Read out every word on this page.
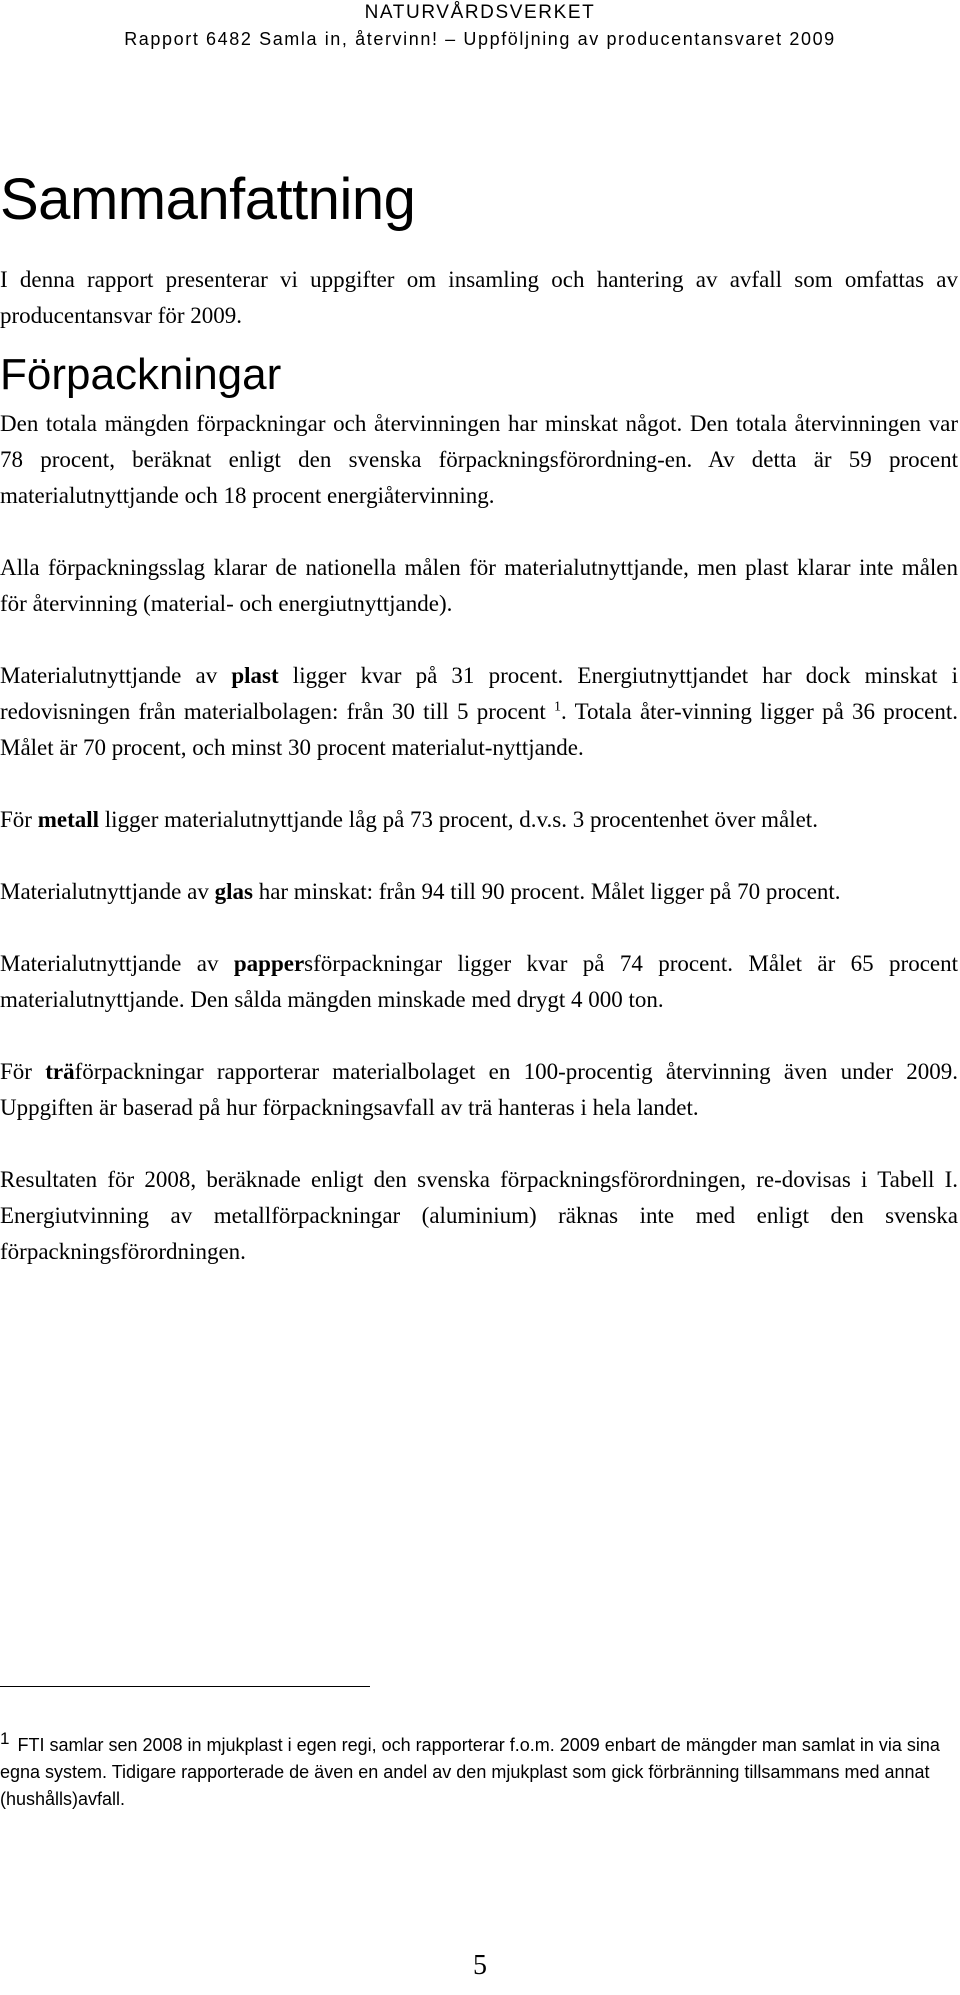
NATURVÅRDSVERKET
Rapport 6482 Samla in, återvinn! – Uppföljning av producentansvaret 2009
Sammanfattning

I denna rapport presenterar vi uppgifter om insamling och hantering av avfall som omfattas av producentansvar för 2009.

Förpackningar

Den totala mängden förpackningar och återvinningen har minskat något. Den totala återvinningen var 78 procent, beräknat enligt den svenska förpackningsförordning-en. Av detta är 59 procent materialutnyttjande och 18 procent energiåtervinning.

Alla förpackningsslag klarar de nationella målen för materialutnyttjande, men plast klarar inte målen för återvinning (material- och energiutnyttjande).

Materialutnyttjande av plast ligger kvar på 31 procent. Energiutnyttjandet har dock minskat i redovisningen från materialbolagen: från 30 till 5 procent $^1$. Totala åter-vinning ligger på 36 procent. Målet är 70 procent, och minst 30 procent materialut-nyttjande.

För metall ligger materialutnyttjande låg på 73 procent, d.v.s. 3 procentenhet över målet.

Materialutnyttjande av glas har minskat: från 94 till 90 procent. Målet ligger på 70 procent.

Materialutnyttjande av pappersförpackningar ligger kvar på 74 procent. Målet är 65 procent materialutnyttjande. Den sålda mängden minskade med drygt 4 000 ton.

För träförpackningar rapporterar materialbolaget en 100-procentig återvinning även under 2009. Uppgiften är baserad på hur förpackningsavfall av trä hanteras i hela landet.

Resultaten för 2008, beräknade enligt den svenska förpackningsförordningen, re-dovisas i Tabell I. Energiutvinning av metallförpackningar (aluminium) räknas inte med enligt den svenska förpackningsförordningen.

1 FTI samlar sen 2008 in mjukplast i egen regi, och rapporterar f.o.m. 2009 enbart de mängder man samlat in via sina egna system. Tidigare rapporterade de även en andel av den mjukplast som gick förbränning tillsammans med annat (hushålls)avfall.
5
